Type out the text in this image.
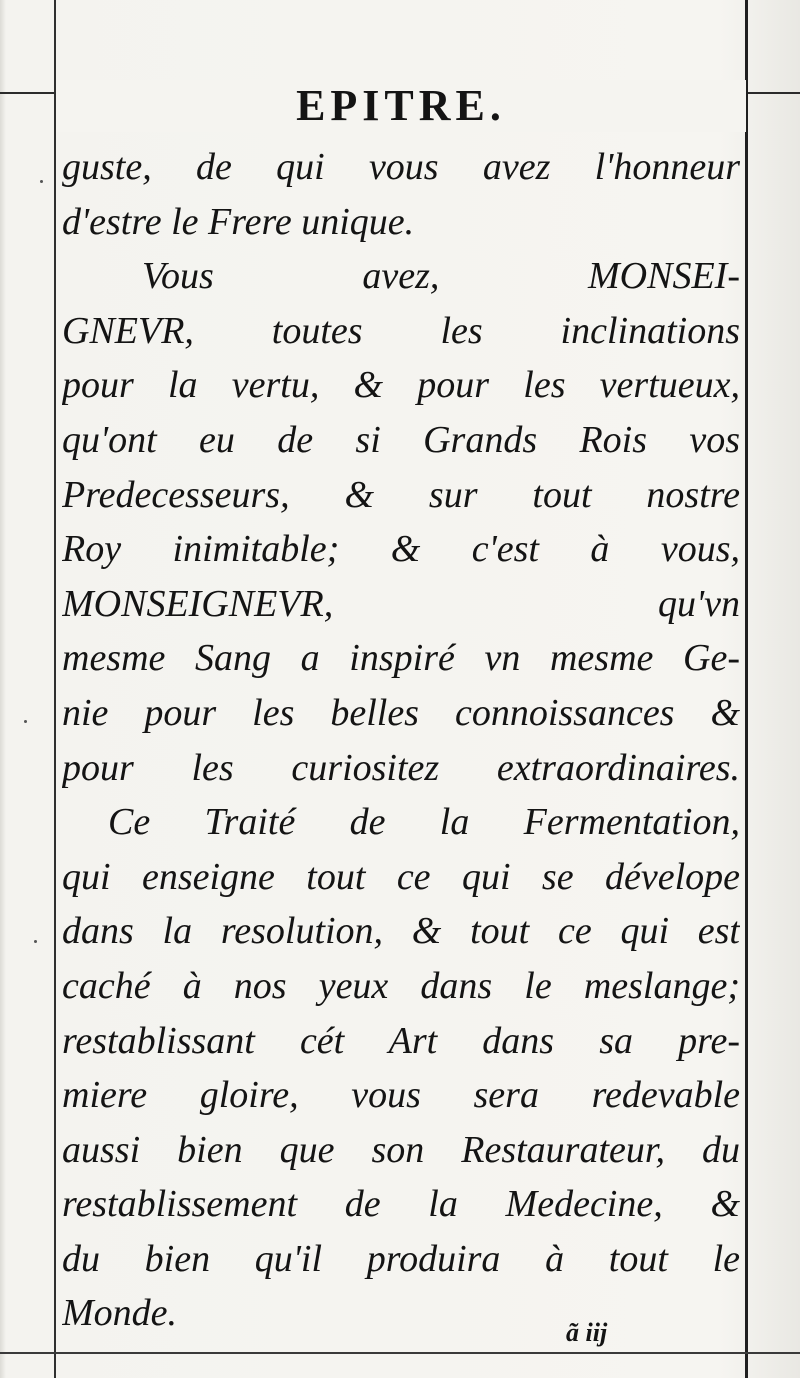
EPITRE.
guste, de qui vous avez l'honneur
d'estre le Frere unique.
Vous avez, MONSEI-
GNEVR, toutes les inclinations
pour la vertu, & pour les vertueux,
qu'ont eu de si Grands Rois vos
Predecesseurs, & sur tout nostre
Roy inimitable; & c'est à vous,
MONSEIGNEVR, qu'vn
mesme Sang a inspiré vn mesme Ge-
nie pour les belles connoissances &
pour les curiositez extraordinaires.
Ce Traité de la Fermentation,
qui enseigne tout ce qui se dévelope
dans la resolution, & tout ce qui est
caché à nos yeux dans le meslange;
restablissant cét Art dans sa pre-
miere gloire, vous sera redevable
aussi bien que son Restaurateur, du
restablissement de la Medecine, &
du bien qu'il produira à tout le
Monde.	ã iij
